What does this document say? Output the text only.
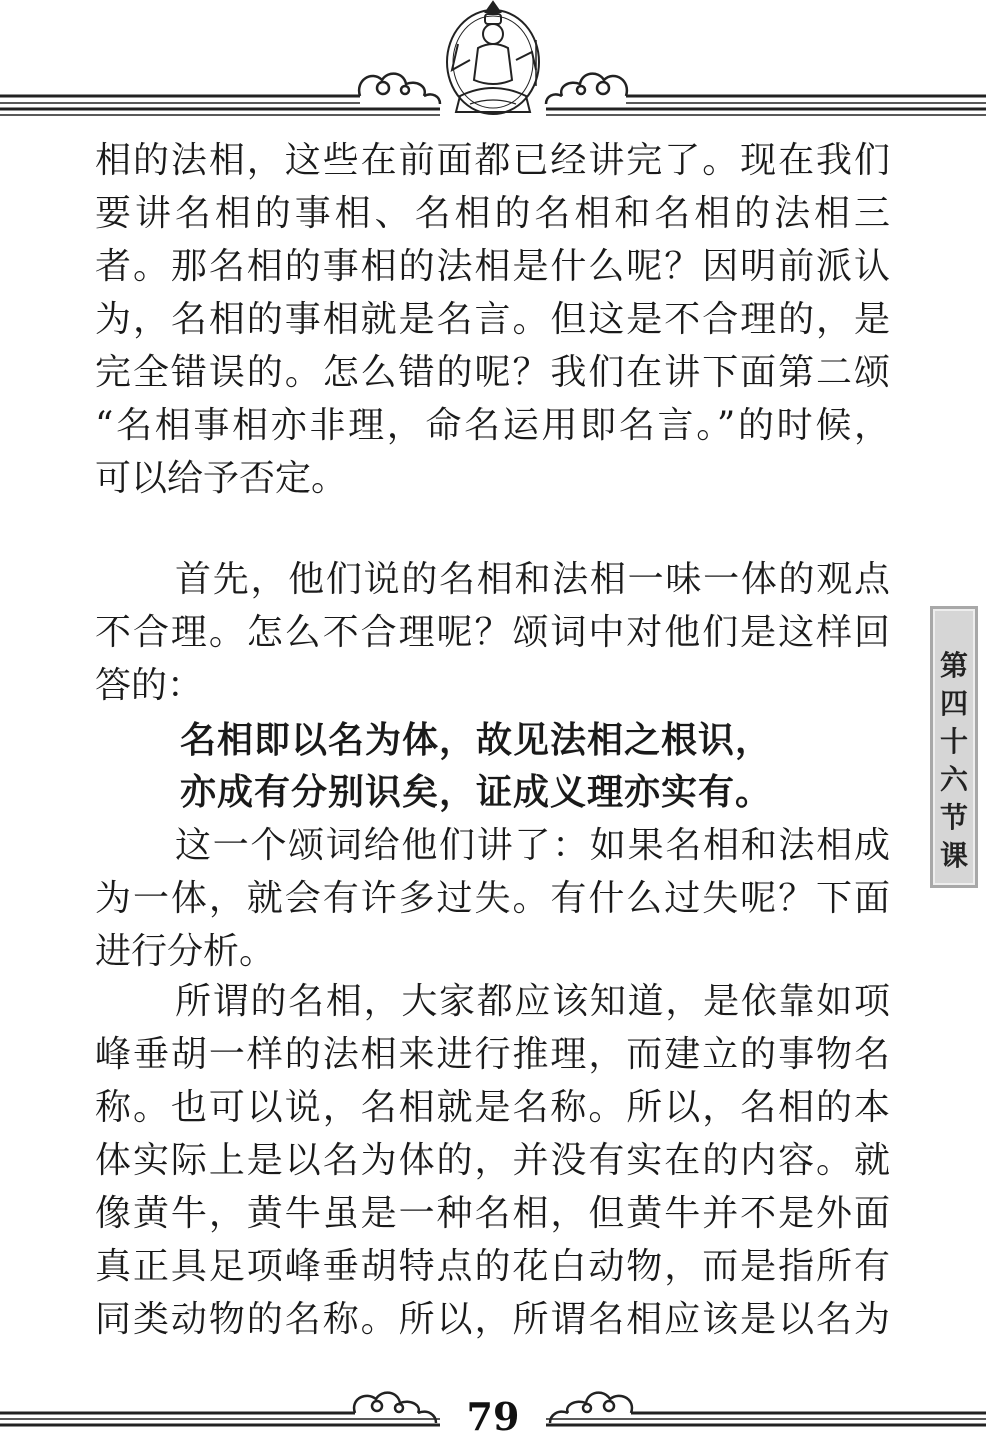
相的法相，这些在前面都已经讲完了。现在我们
要讲名相的事相、名相的名相和名相的法相三
者。那名相的事相的法相是什么呢？因明前派认
为，名相的事相就是名言。但这是不合理的，是
完全错误的。怎么错的呢？我们在讲下面第二颂
“名相事相亦非理，命名运用即名言。”的时候，
可以给予否定。
首先，他们说的名相和法相一味一体的观点
不合理。怎么不合理呢？颂词中对他们是这样回
答的：
名相即以名为体，故见法相之根识，
亦成有分别识矣，证成义理亦实有。
这一个颂词给他们讲了：如果名相和法相成
为一体，就会有许多过失。有什么过失呢？下面
进行分析。
所谓的名相，大家都应该知道，是依靠如项
峰垂胡一样的法相来进行推理，而建立的事物名
称。也可以说，名相就是名称。所以，名相的本
体实际上是以名为体的，并没有实在的内容。就
像黄牛，黄牛虽是一种名相，但黄牛并不是外面
真正具足项峰垂胡特点的花白动物，而是指所有
同类动物的名称。所以，所谓名相应该是以名为
第
四
十
六
节
课
79
